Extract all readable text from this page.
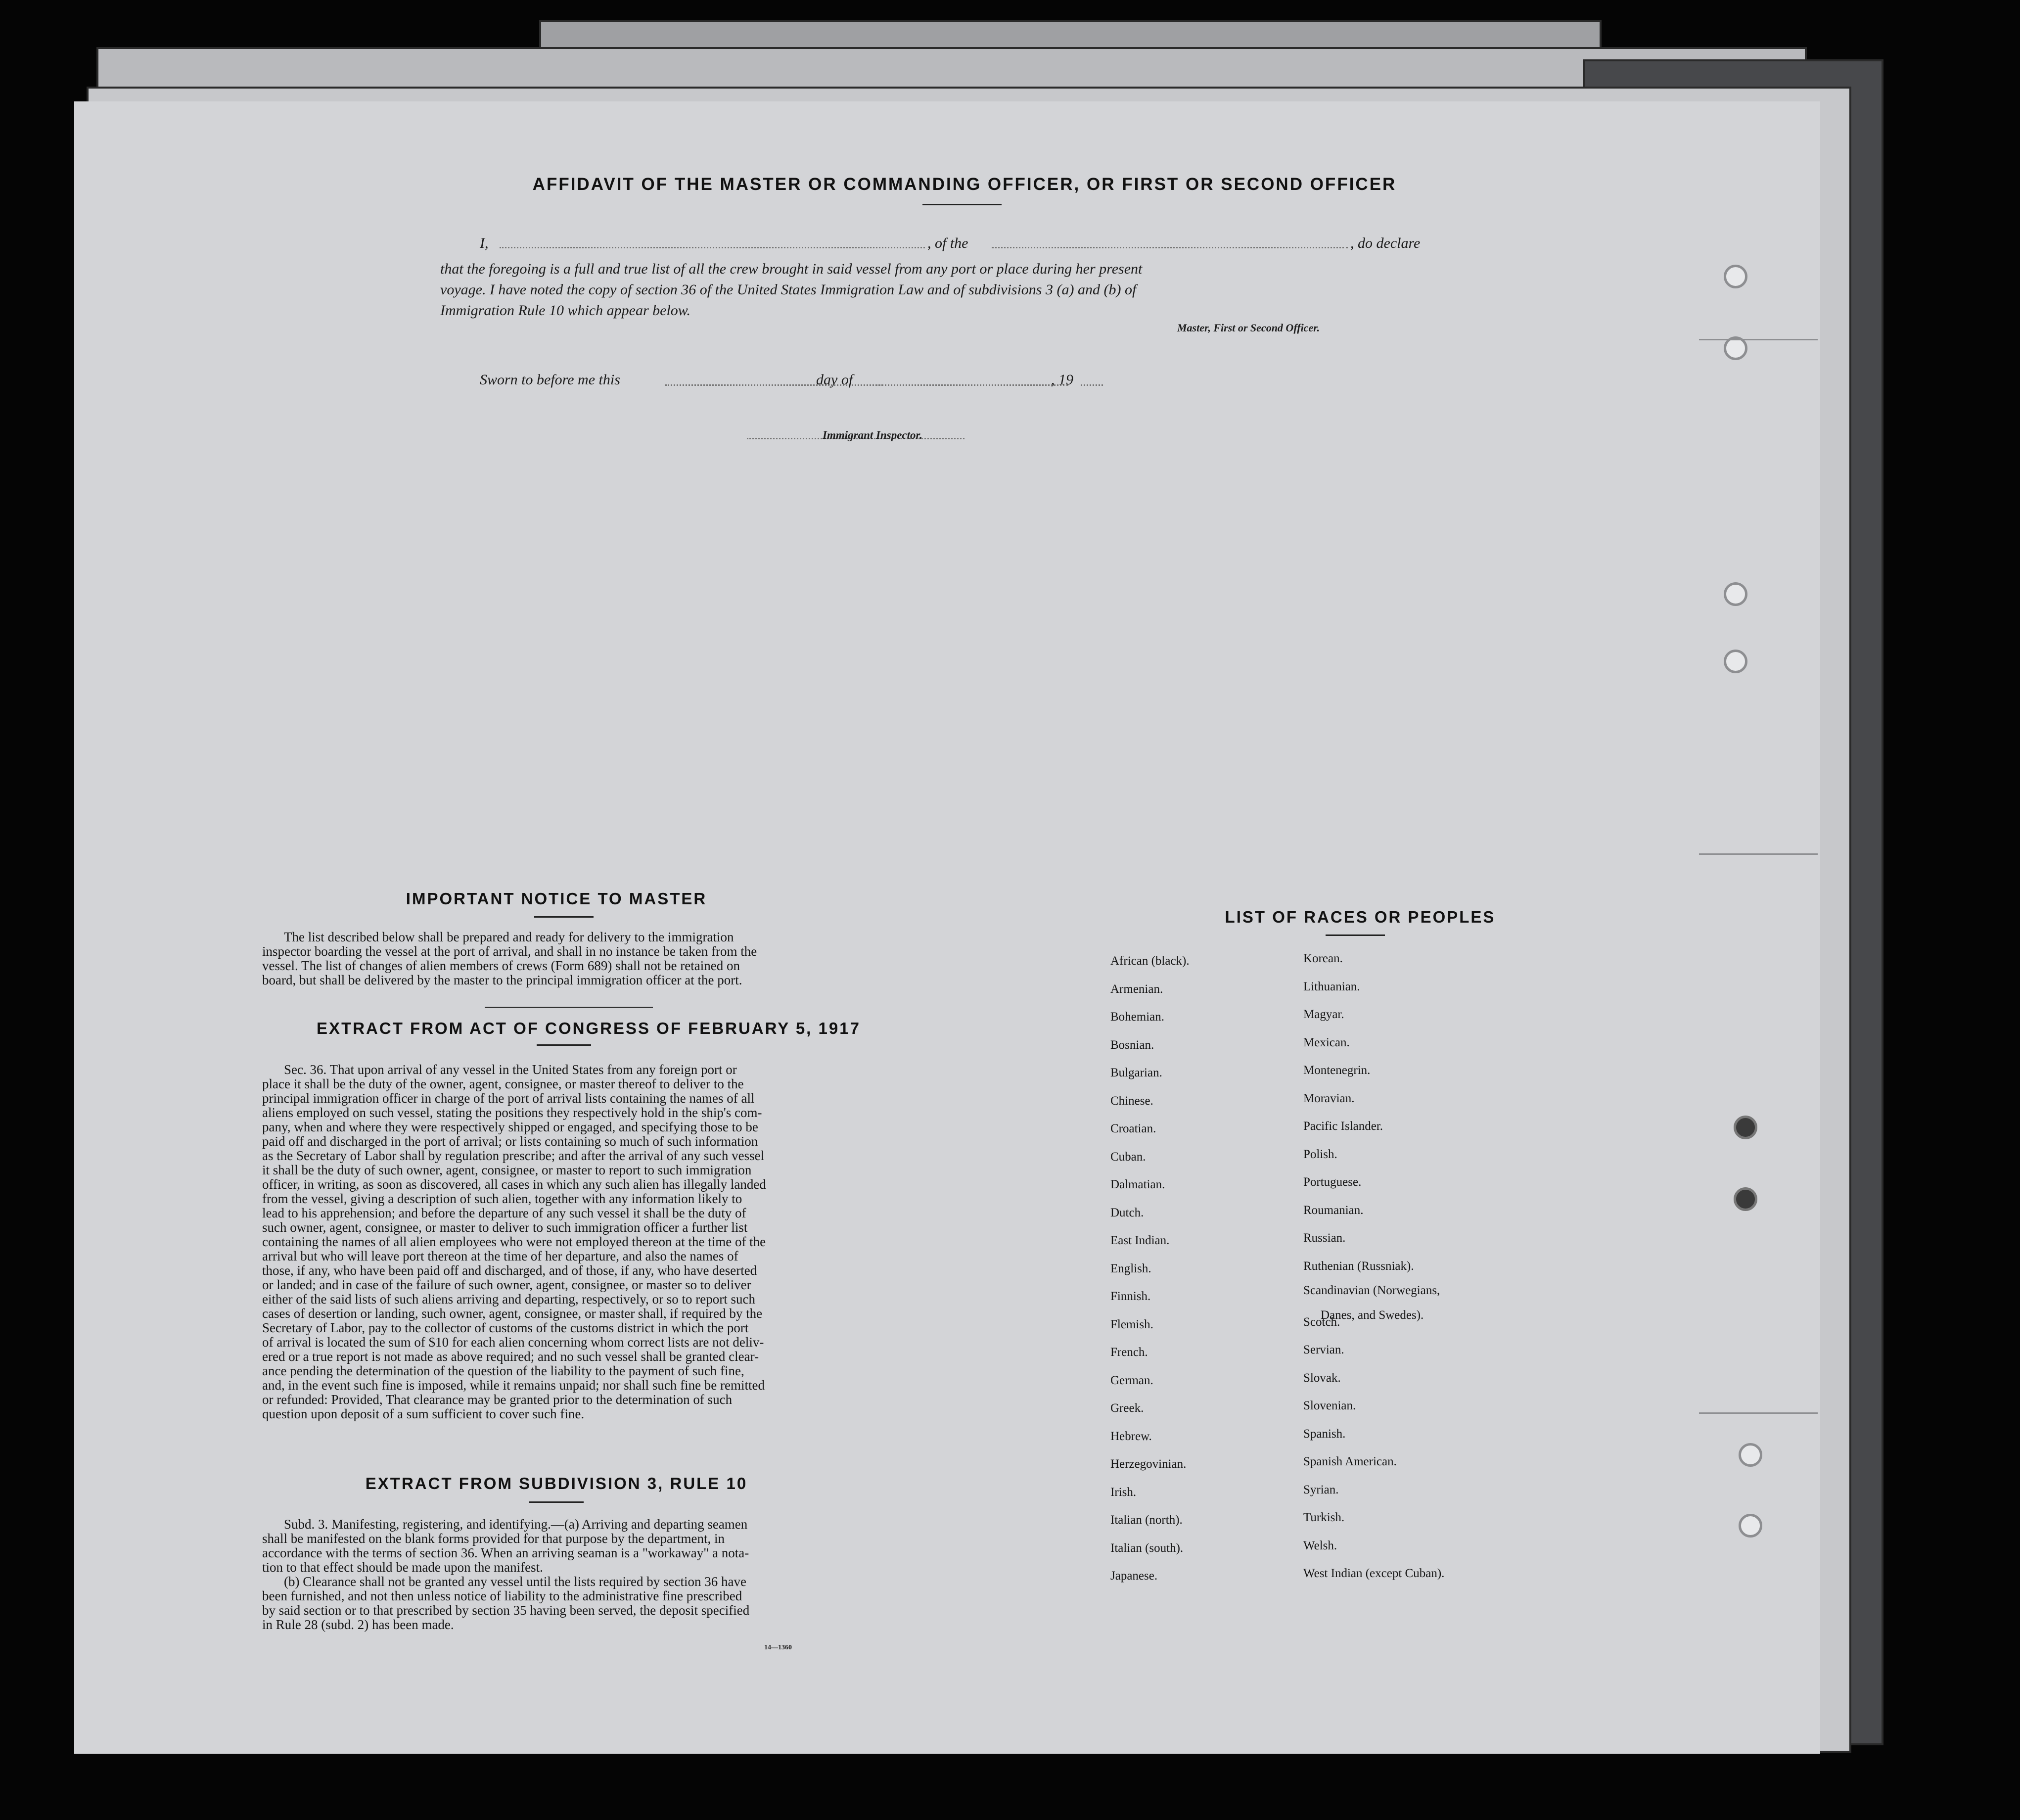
AFFIDAVIT OF THE MASTER OR COMMANDING OFFICER, OR FIRST OR SECOND OFFICER
I,	, of the	, do declare
that the foregoing is a full and true list of all the crew brought in said vessel from any port or place during her present
voyage. I have noted the copy of section 36 of the United States Immigration Law and of subdivisions 3 (a) and (b) of
Immigration Rule 10 which appear below.
Master, First or Second Officer.
Sworn to before me this	day of	, 19
Immigrant Inspector.
IMPORTANT NOTICE TO MASTER
The list described below shall be prepared and ready for delivery to the immigration
inspector boarding the vessel at the port of arrival, and shall in no instance be taken from the
vessel. The list of changes of alien members of crews (Form 689) shall not be retained on
board, but shall be delivered by the master to the principal immigration officer at the port.
EXTRACT FROM ACT OF CONGRESS OF FEBRUARY 5, 1917
Sec. 36. That upon arrival of any vessel in the United States from any foreign port or
place it shall be the duty of the owner, agent, consignee, or master thereof to deliver to the
principal immigration officer in charge of the port of arrival lists containing the names of all
aliens employed on such vessel, stating the positions they respectively hold in the ship's com-
pany, when and where they were respectively shipped or engaged, and specifying those to be
paid off and discharged in the port of arrival; or lists containing so much of such information
as the Secretary of Labor shall by regulation prescribe; and after the arrival of any such vessel
it shall be the duty of such owner, agent, consignee, or master to report to such immigration
officer, in writing, as soon as discovered, all cases in which any such alien has illegally landed
from the vessel, giving a description of such alien, together with any information likely to
lead to his apprehension; and before the departure of any such vessel it shall be the duty of
such owner, agent, consignee, or master to deliver to such immigration officer a further list
containing the names of all alien employees who were not employed thereon at the time of the
arrival but who will leave port thereon at the time of her departure, and also the names of
those, if any, who have been paid off and discharged, and of those, if any, who have deserted
or landed; and in case of the failure of such owner, agent, consignee, or master so to deliver
either of the said lists of such aliens arriving and departing, respectively, or so to report such
cases of desertion or landing, such owner, agent, consignee, or master shall, if required by the
Secretary of Labor, pay to the collector of customs of the customs district in which the port
of arrival is located the sum of $10 for each alien concerning whom correct lists are not deliv-
ered or a true report is not made as above required; and no such vessel shall be granted clear-
ance pending the determination of the question of the liability to the payment of such fine,
and, in the event such fine is imposed, while it remains unpaid; nor shall such fine be remitted
or refunded: Provided, That clearance may be granted prior to the determination of such
question upon deposit of a sum sufficient to cover such fine.
EXTRACT FROM SUBDIVISION 3, RULE 10
Subd. 3. Manifesting, registering, and identifying.—(a) Arriving and departing seamen
shall be manifested on the blank forms provided for that purpose by the department, in
accordance with the terms of section 36. When an arriving seaman is a "workaway" a nota-
tion to that effect should be made upon the manifest.
(b) Clearance shall not be granted any vessel until the lists required by section 36 have
been furnished, and not then unless notice of liability to the administrative fine prescribed
by said section or to that prescribed by section 35 having been served, the deposit specified
in Rule 28 (subd. 2) has been made.
14—1360
LIST OF RACES OR PEOPLES
African (black).
Armenian.
Bohemian.
Bosnian.
Bulgarian.
Chinese.
Croatian.
Cuban.
Dalmatian.
Dutch.
East Indian.
English.
Finnish.
Flemish.
French.
German.
Greek.
Hebrew.
Herzegovinian.
Irish.
Italian (north).
Italian (south).
Japanese.
Korean.
Lithuanian.
Magyar.
Mexican.
Montenegrin.
Moravian.
Pacific Islander.
Polish.
Portuguese.
Roumanian.
Russian.
Ruthenian (Russniak).
Scandinavian (Norwegians,
Scotch.
Servian.
Slovak.
Slovenian.
Spanish.
Spanish American.
Syrian.
Turkish.
Welsh.
West Indian (except Cuban).
Danes, and Swedes).
